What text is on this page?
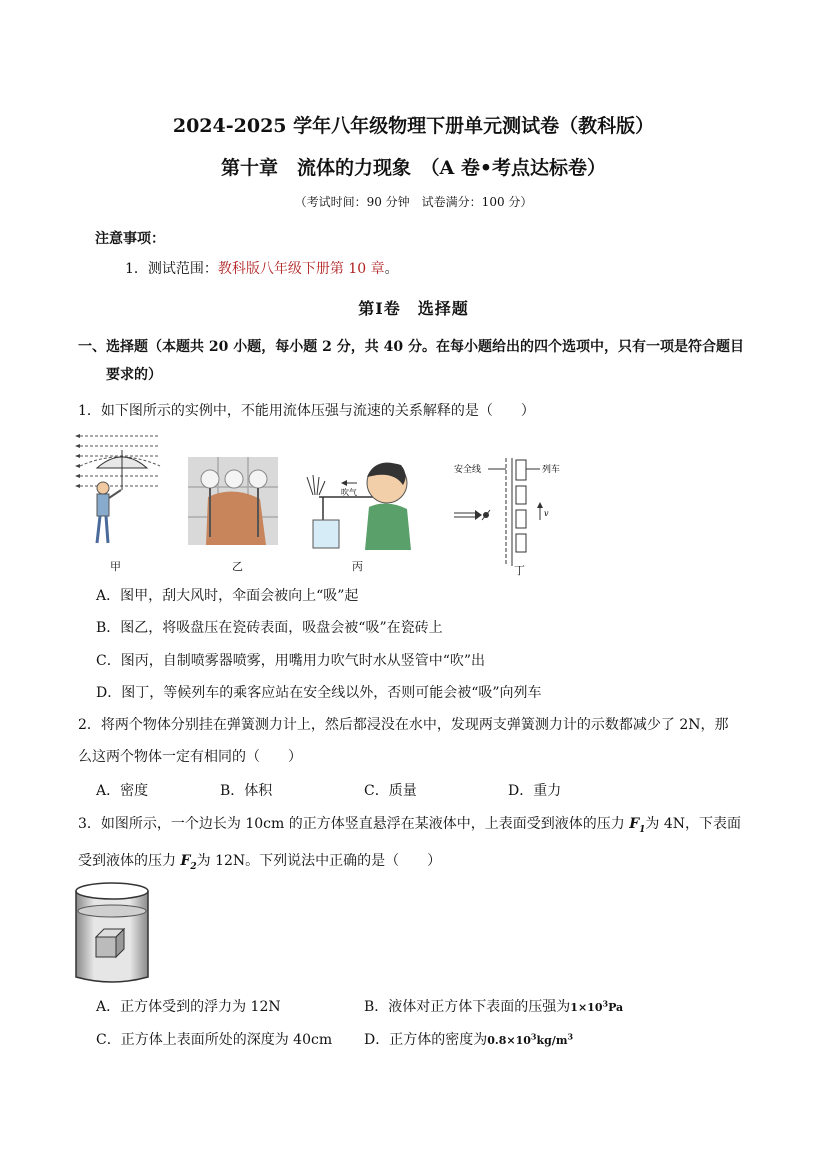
2024-2025 学年八年级物理下册单元测试卷（教科版）
第十章　流体的力现象　（A 卷•考点达标卷）
（考试时间：90 分钟　试卷满分：100 分）
注意事项：
1．测试范围：教科版八年级下册第 10 章。
第Ⅰ卷　选择题
一、选择题（本题共 20 小题，每小题 2 分，共 40 分。在每小题给出的四个选项中，只有一项是符合题目
要求的）
1．如下图所示的实例中，不能用流体压强与流速的关系解释的是（　　）
甲	乙
吹气
丙
安全线	列车
v
丁
A．图甲，刮大风时，伞面会被向上“吸”起
B．图乙，将吸盘压在瓷砖表面，吸盘会被“吸”在瓷砖上
C．图丙，自制喷雾器喷雾，用嘴用力吹气时水从竖管中“吹”出
D．图丁，等候列车的乘客应站在安全线以外，否则可能会被“吸”向列车
2．将两个物体分别挂在弹簧测力计上，然后都浸没在水中，发现两支弹簧测力计的示数都减少了 2N，那
么这两个物体一定有相同的（　　）
A．密度	B．体积	C．质量	D．重力
3．如图所示，一个边长为 10cm 的正方体竖直悬浮在某液体中，上表面受到液体的压力 $F_1$为 4N，下表面
受到液体的压力 $F_2$为 12N。下列说法中正确的是（　　）
A．正方体受到的浮力为 12N	B．液体对正方体下表面的压强为$1\times 10^3Pa$
C．正方体上表面所处的深度为 40cm D．正方体的密度为$0.8\times 10^3kg/m^3$
